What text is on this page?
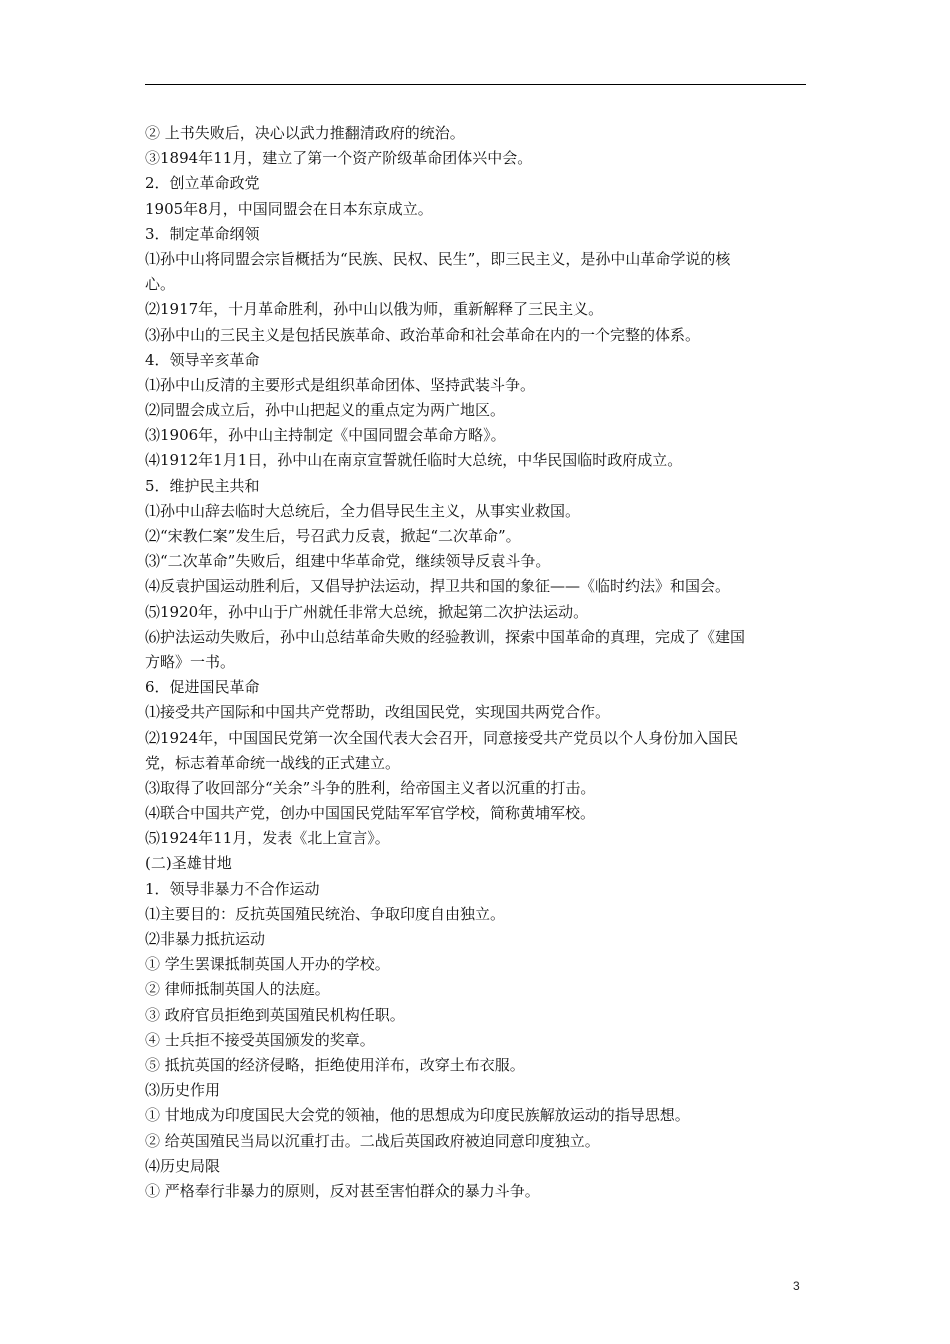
② 上书失败后，决心以武力推翻清政府的统治。
③1894年11月，建立了第一个资产阶级革命团体兴中会。
2．创立革命政党
1905年8月，中国同盟会在日本东京成立。
3．制定革命纲领
⑴孙中山将同盟会宗旨概括为“民族、民权、民生”，即三民主义，是孙中山革命学说的核
心。
⑵1917年，十月革命胜利，孙中山以俄为师，重新解释了三民主义。
⑶孙中山的三民主义是包括民族革命、政治革命和社会革命在内的一个完整的体系。
4．领导辛亥革命
⑴孙中山反清的主要形式是组织革命团体、坚持武装斗争。
⑵同盟会成立后，孙中山把起义的重点定为两广地区。
⑶1906年，孙中山主持制定《中国同盟会革命方略》。
⑷1912年1月1日，孙中山在南京宣誓就任临时大总统，中华民国临时政府成立。
5．维护民主共和
⑴孙中山辞去临时大总统后，全力倡导民生主义，从事实业救国。
⑵“宋教仁案”发生后，号召武力反袁，掀起“二次革命”。
⑶“二次革命”失败后，组建中华革命党，继续领导反袁斗争。
⑷反袁护国运动胜利后，又倡导护法运动，捍卫共和国的象征——《临时约法》和国会。
⑸1920年，孙中山于广州就任非常大总统，掀起第二次护法运动。
⑹护法运动失败后，孙中山总结革命失败的经验教训，探索中国革命的真理，完成了《建国
方略》一书。
6．促进国民革命
⑴接受共产国际和中国共产党帮助，改组国民党，实现国共两党合作。
⑵1924年，中国国民党第一次全国代表大会召开，同意接受共产党员以个人身份加入国民
党，标志着革命统一战线的正式建立。
⑶取得了收回部分“关余”斗争的胜利，给帝国主义者以沉重的打击。
⑷联合中国共产党，创办中国国民党陆军军官学校，简称黄埔军校。
⑸1924年11月，发表《北上宣言》。
(二)圣雄甘地
1．领导非暴力不合作运动
⑴主要目的：反抗英国殖民统治、争取印度自由独立。
⑵非暴力抵抗运动
① 学生罢课抵制英国人开办的学校。
② 律师抵制英国人的法庭。
③ 政府官员拒绝到英国殖民机构任职。
④ 士兵拒不接受英国颁发的奖章。
⑤ 抵抗英国的经济侵略，拒绝使用洋布，改穿土布衣服。
⑶历史作用
① 甘地成为印度国民大会党的领袖，他的思想成为印度民族解放运动的指导思想。
② 给英国殖民当局以沉重打击。二战后英国政府被迫同意印度独立。
⑷历史局限
① 严格奉行非暴力的原则，反对甚至害怕群众的暴力斗争。
3
